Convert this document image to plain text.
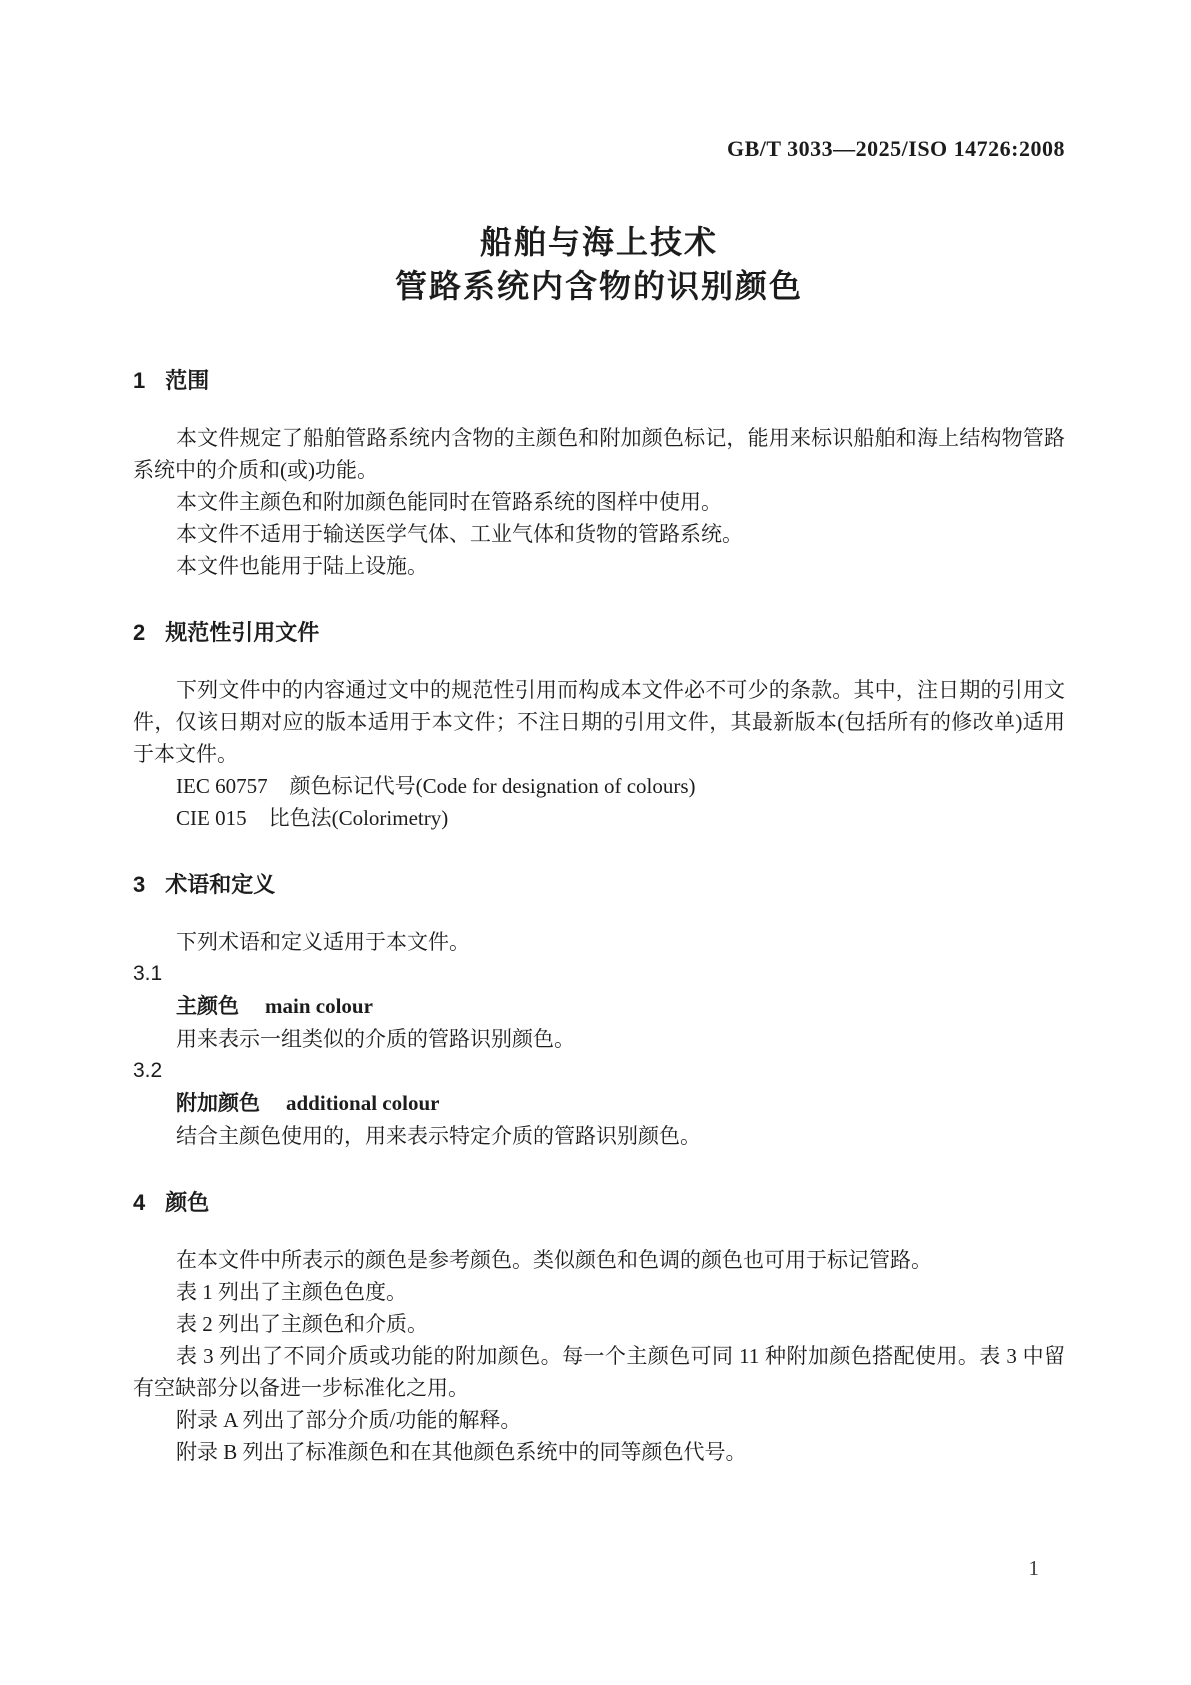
GB/T 3033—2025/ISO 14726:2008
船舶与海上技术
管路系统内含物的识别颜色
1 范围

本文件规定了船舶管路系统内含物的主颜色和附加颜色标记，能用来标识船舶和海上结构物管路系统中的介质和(或)功能。

本文件主颜色和附加颜色能同时在管路系统的图样中使用。

本文件不适用于输送医学气体、工业气体和货物的管路系统。

本文件也能用于陆上设施。

2 规范性引用文件

下列文件中的内容通过文中的规范性引用而构成本文件必不可少的条款。其中，注日期的引用文件，仅该日期对应的版本适用于本文件；不注日期的引用文件，其最新版本(包括所有的修改单)适用于本文件。

IEC 60757 颜色标记代号(Code for designation of colours)

CIE 015 比色法(Colorimetry)

3 术语和定义

下列术语和定义适用于本文件。

3.1

主颜色 main colour

用来表示一组类似的介质的管路识别颜色。

3.2

附加颜色 additional colour

结合主颜色使用的，用来表示特定介质的管路识别颜色。

4 颜色

在本文件中所表示的颜色是参考颜色。类似颜色和色调的颜色也可用于标记管路。

表 1 列出了主颜色色度。

表 2 列出了主颜色和介质。

表 3 列出了不同介质或功能的附加颜色。每一个主颜色可同 11 种附加颜色搭配使用。表 3 中留有空缺部分以备进一步标准化之用。

附录 A 列出了部分介质/功能的解释。

附录 B 列出了标准颜色和在其他颜色系统中的同等颜色代号。

1
